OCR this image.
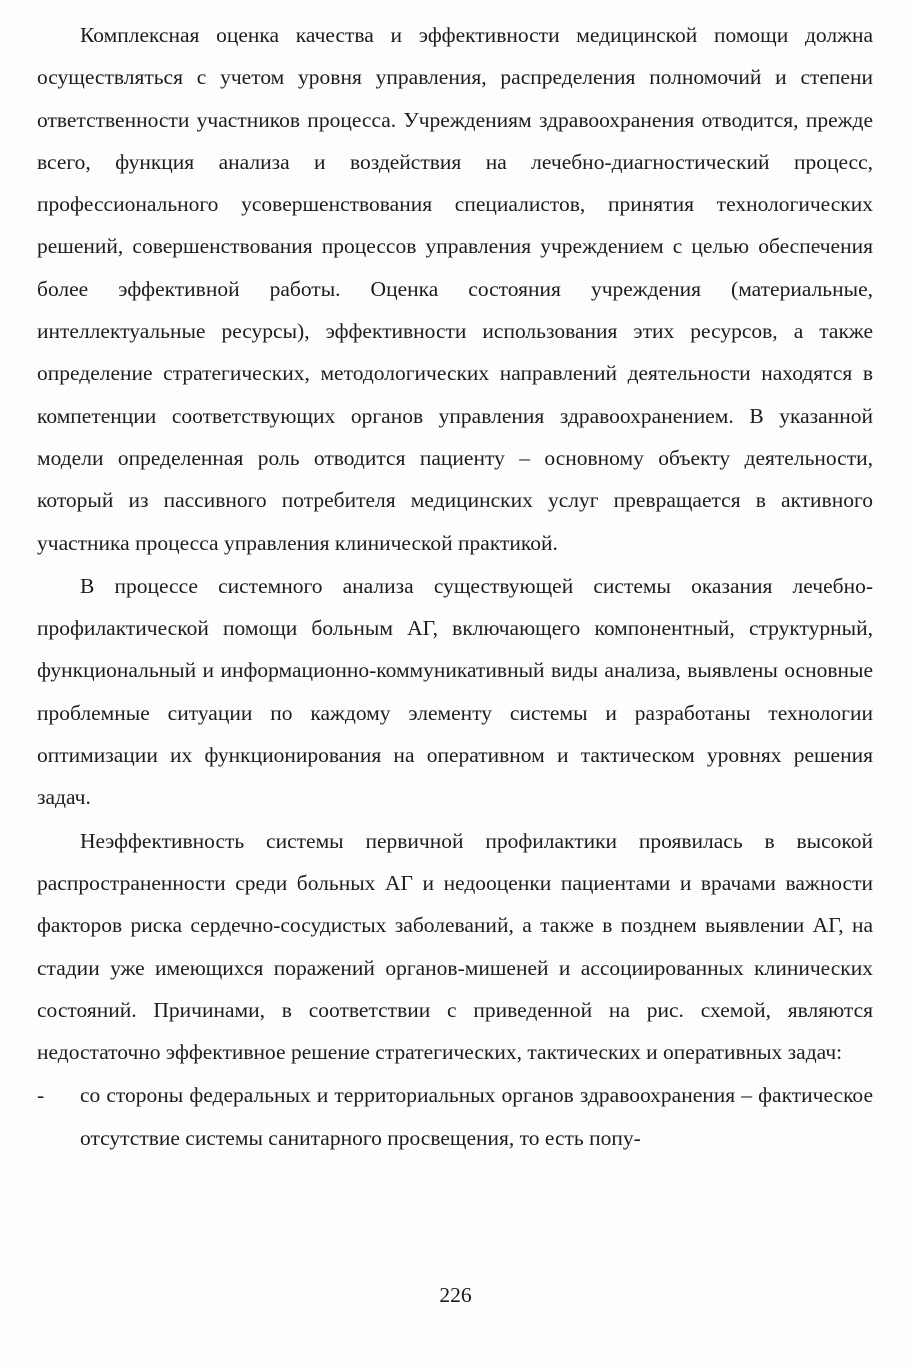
Комплексная оценка качества и эффективности медицинской помощи должна осуществляться с учетом уровня управления, распределения полномочий и степени ответственности участников процесса. Учреждениям здравоохранения отводится, прежде всего, функция анализа и воздействия на лечебно-диагностический процесс, профессионального усовершенствования специалистов, принятия технологических решений, совершенствования процессов управления учреждением с целью обеспечения более эффективной работы. Оценка состояния учреждения (материальные, интеллектуальные ресурсы), эффективности использования этих ресурсов, а также определение стратегических, методологических направлений деятельности находятся в компетенции соответствующих органов управления здравоохранением. В указанной модели определенная роль отводится пациенту – основному объекту деятельности, который из пассивного потребителя медицинских услуг превращается в активного участника процесса управления клинической практикой.

В процессе системного анализа существующей системы оказания лечебно-профилактической помощи больным АГ, включающего компонентный, структурный, функциональный и информационно-коммуникативный виды анализа, выявлены основные проблемные ситуации по каждому элементу системы и разработаны технологии оптимизации их функционирования на оперативном и тактическом уровнях решения задач.

Неэффективность системы первичной профилактики проявилась в высокой распространенности среди больных АГ и недооценки пациентами и врачами важности факторов риска сердечно-сосудистых заболеваний, а также в позднем выявлении АГ, на стадии уже имеющихся поражений органов-мишеней и ассоциированных клинических состояний. Причинами, в соответствии с приведенной на рис. схемой, являются недостаточно эффективное решение стратегических, тактических и оперативных задач:

- со стороны федеральных и территориальных органов здравоохранения – фактическое отсутствие системы санитарного просвещения, то есть попу-
226
